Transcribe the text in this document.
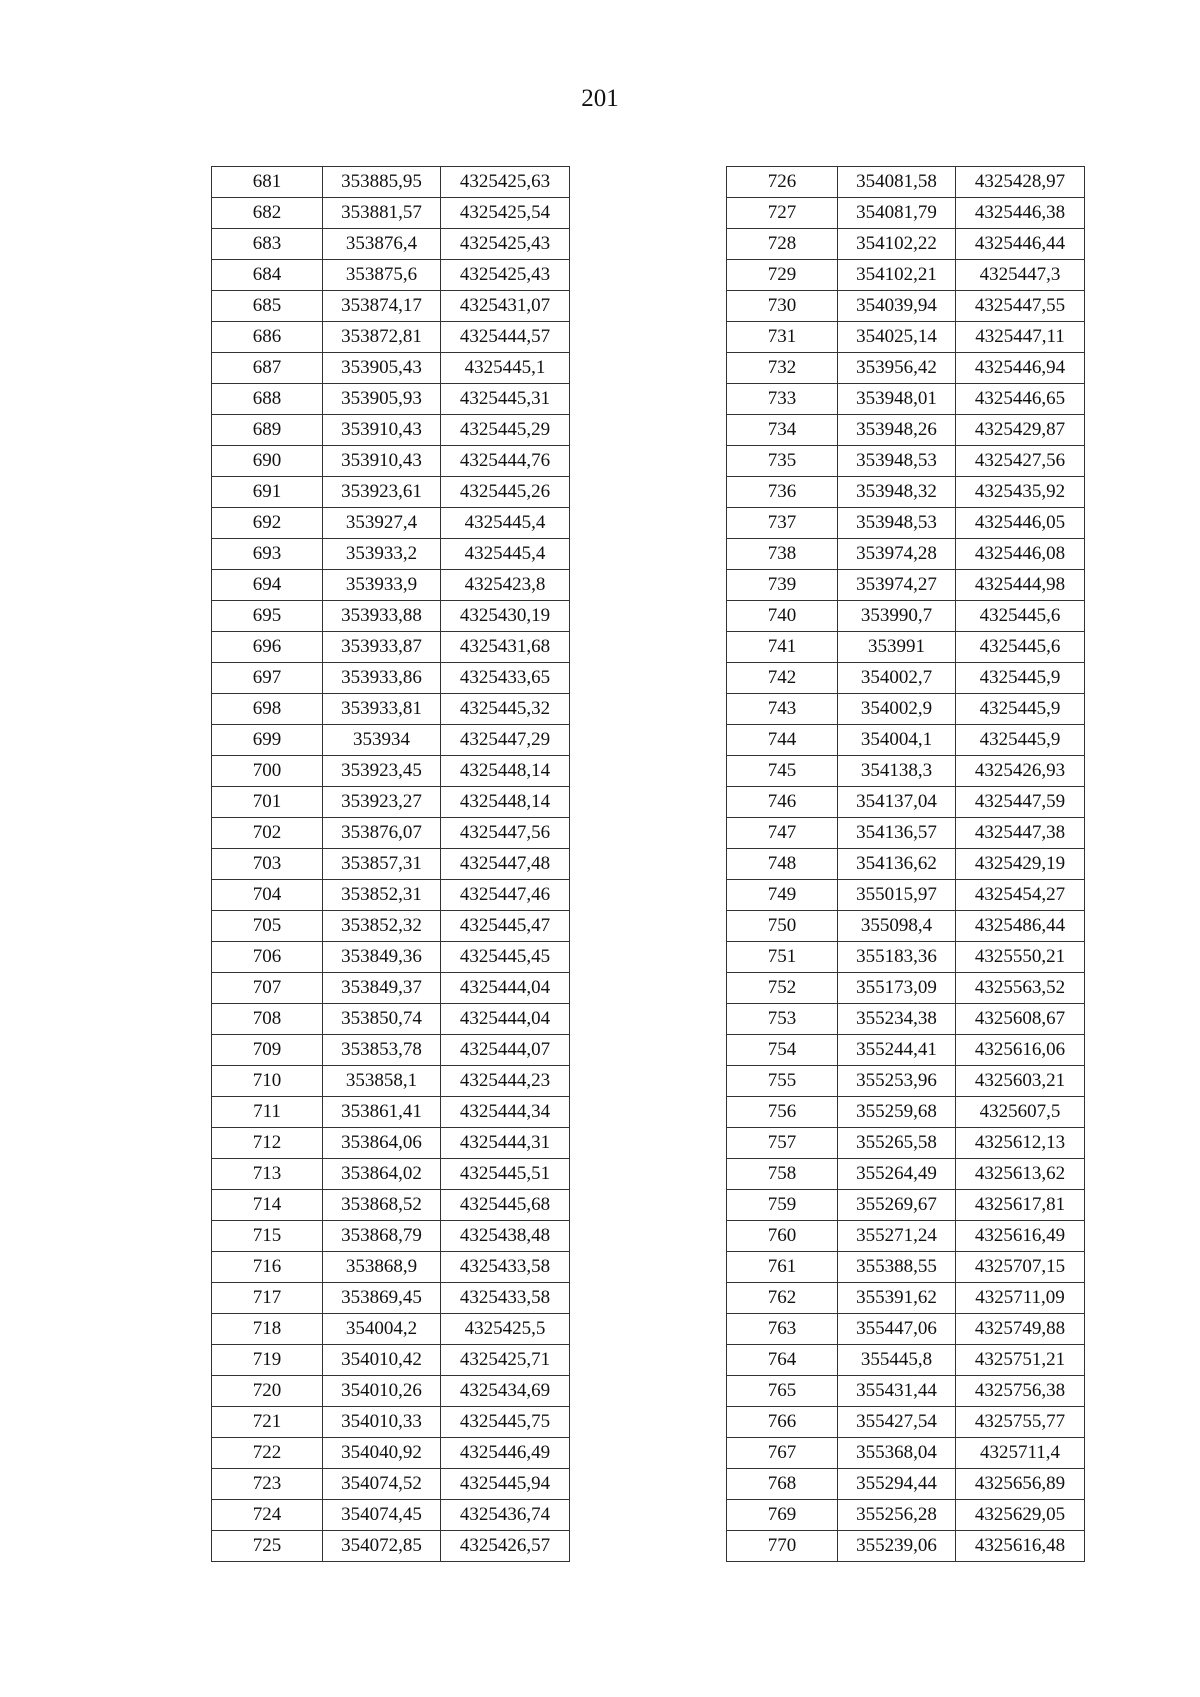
201
681	353885,95	4325425,63
682	353881,57	4325425,54
683	353876,4	4325425,43
684	353875,6	4325425,43
685	353874,17	4325431,07
686	353872,81	4325444,57
687	353905,43	4325445,1
688	353905,93	4325445,31
689	353910,43	4325445,29
690	353910,43	4325444,76
691	353923,61	4325445,26
692	353927,4	4325445,4
693	353933,2	4325445,4
694	353933,9	4325423,8
695	353933,88	4325430,19
696	353933,87	4325431,68
697	353933,86	4325433,65
698	353933,81	4325445,32
699	353934	4325447,29
700	353923,45	4325448,14
701	353923,27	4325448,14
702	353876,07	4325447,56
703	353857,31	4325447,48
704	353852,31	4325447,46
705	353852,32	4325445,47
706	353849,36	4325445,45
707	353849,37	4325444,04
708	353850,74	4325444,04
709	353853,78	4325444,07
710	353858,1	4325444,23
711	353861,41	4325444,34
712	353864,06	4325444,31
713	353864,02	4325445,51
714	353868,52	4325445,68
715	353868,79	4325438,48
716	353868,9	4325433,58
717	353869,45	4325433,58
718	354004,2	4325425,5
719	354010,42	4325425,71
720	354010,26	4325434,69
721	354010,33	4325445,75
722	354040,92	4325446,49
723	354074,52	4325445,94
724	354074,45	4325436,74
725	354072,85	4325426,57
726	354081,58	4325428,97
727	354081,79	4325446,38
728	354102,22	4325446,44
729	354102,21	4325447,3
730	354039,94	4325447,55
731	354025,14	4325447,11
732	353956,42	4325446,94
733	353948,01	4325446,65
734	353948,26	4325429,87
735	353948,53	4325427,56
736	353948,32	4325435,92
737	353948,53	4325446,05
738	353974,28	4325446,08
739	353974,27	4325444,98
740	353990,7	4325445,6
741	353991	4325445,6
742	354002,7	4325445,9
743	354002,9	4325445,9
744	354004,1	4325445,9
745	354138,3	4325426,93
746	354137,04	4325447,59
747	354136,57	4325447,38
748	354136,62	4325429,19
749	355015,97	4325454,27
750	355098,4	4325486,44
751	355183,36	4325550,21
752	355173,09	4325563,52
753	355234,38	4325608,67
754	355244,41	4325616,06
755	355253,96	4325603,21
756	355259,68	4325607,5
757	355265,58	4325612,13
758	355264,49	4325613,62
759	355269,67	4325617,81
760	355271,24	4325616,49
761	355388,55	4325707,15
762	355391,62	4325711,09
763	355447,06	4325749,88
764	355445,8	4325751,21
765	355431,44	4325756,38
766	355427,54	4325755,77
767	355368,04	4325711,4
768	355294,44	4325656,89
769	355256,28	4325629,05
770	355239,06	4325616,48
